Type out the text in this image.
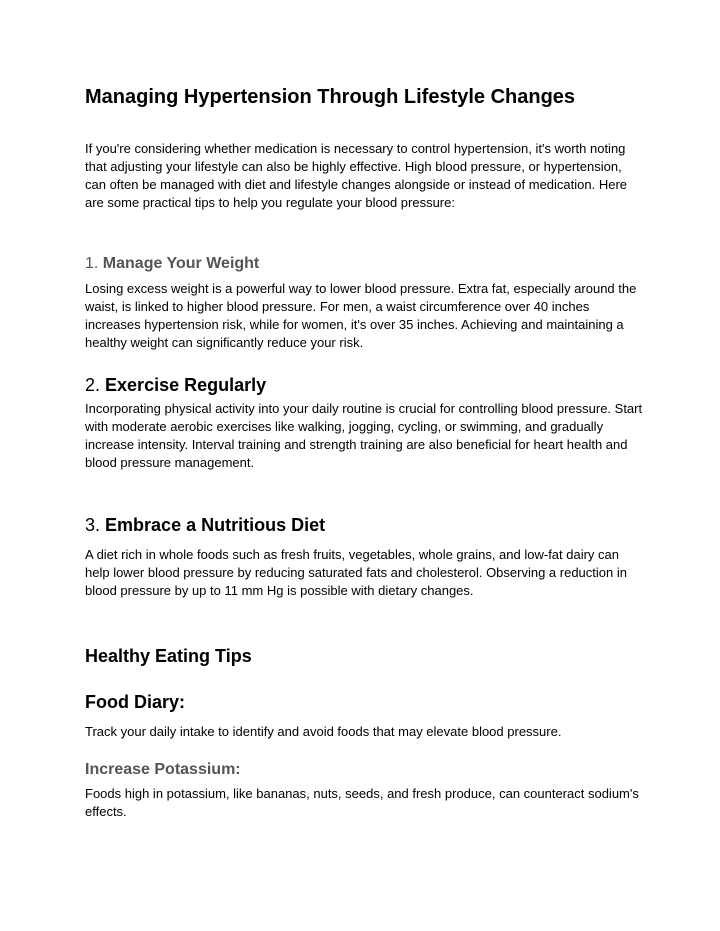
Managing Hypertension Through Lifestyle Changes

If you're considering whether medication is necessary to control hypertension, it's worth noting that adjusting your lifestyle can also be highly effective. High blood pressure, or hypertension, can often be managed with diet and lifestyle changes alongside or instead of medication. Here are some practical tips to help you regulate your blood pressure:

1. Manage Your Weight

Losing excess weight is a powerful way to lower blood pressure. Extra fat, especially around the waist, is linked to higher blood pressure. For men, a waist circumference over 40 inches increases hypertension risk, while for women, it's over 35 inches. Achieving and maintaining a healthy weight can significantly reduce your risk.

2. Exercise Regularly

Incorporating physical activity into your daily routine is crucial for controlling blood pressure. Start with moderate aerobic exercises like walking, jogging, cycling, or swimming, and gradually increase intensity. Interval training and strength training are also beneficial for heart health and blood pressure management.

3. Embrace a Nutritious Diet

A diet rich in whole foods such as fresh fruits, vegetables, whole grains, and low-fat dairy can help lower blood pressure by reducing saturated fats and cholesterol. Observing a reduction in blood pressure by up to 11 mm Hg is possible with dietary changes.

Healthy Eating Tips
Food Diary:

Track your daily intake to identify and avoid foods that may elevate blood pressure.

Increase Potassium:

Foods high in potassium, like bananas, nuts, seeds, and fresh produce, can counteract sodium's effects.
